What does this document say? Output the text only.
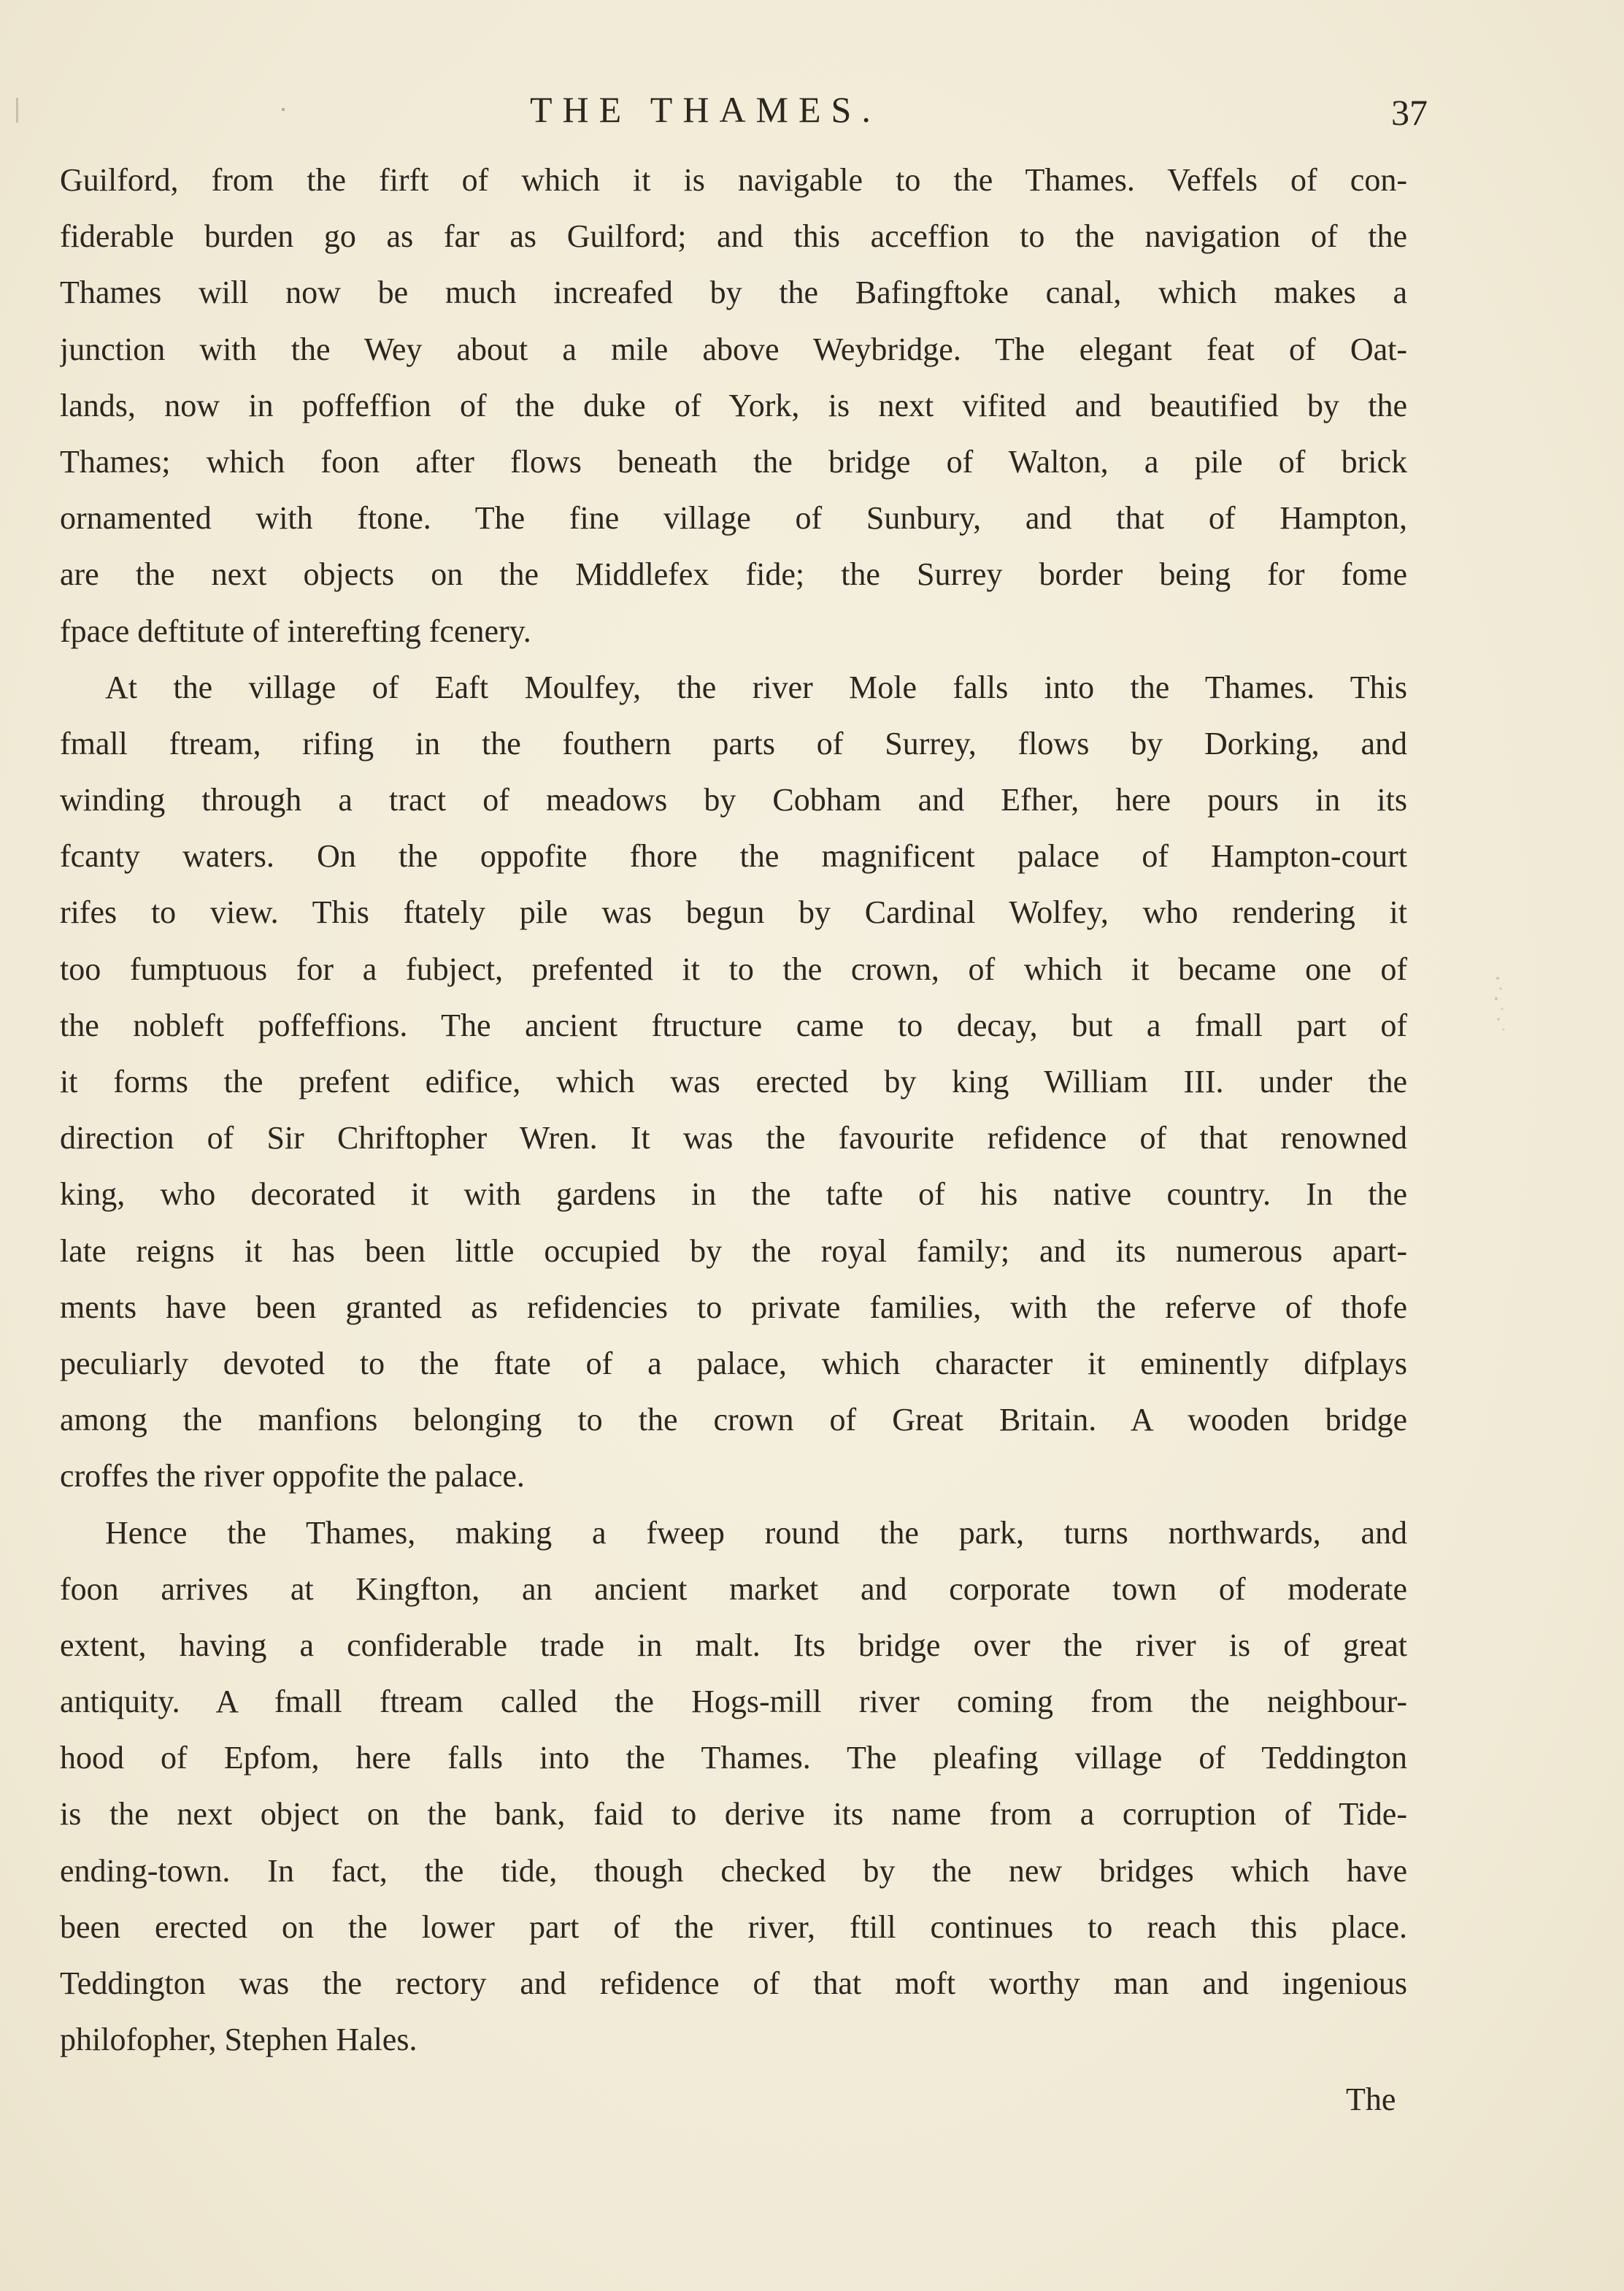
THE THAMES.	37
Guilford, from the firft of which it is navigable to the Thames. Veffels of con-
fiderable burden go as far as Guilford; and this acceffion to the navigation of the
Thames will now be much increafed by the Bafingftoke canal, which makes a
junction with the Wey about a mile above Weybridge. The elegant feat of Oat-
lands, now in poffeffion of the duke of York, is next vifited and beautified by the
Thames; which foon after flows beneath the bridge of Walton, a pile of brick
ornamented with ftone. The fine village of Sunbury, and that of Hampton,
are the next objects on the Middlefex fide; the Surrey border being for fome
fpace deftitute of interefting fcenery.
At the village of Eaft Moulfey, the river Mole falls into the Thames. This
fmall ftream, rifing in the fouthern parts of Surrey, flows by Dorking, and
winding through a tract of meadows by Cobham and Efher, here pours in its
fcanty waters. On the oppofite fhore the magnificent palace of Hampton-court
rifes to view. This ftately pile was begun by Cardinal Wolfey, who rendering it
too fumptuous for a fubject, prefented it to the crown, of which it became one of
the nobleft poffeffions. The ancient ftructure came to decay, but a fmall part of
it forms the prefent edifice, which was erected by king William III. under the
direction of Sir Chriftopher Wren. It was the favourite refidence of that renowned
king, who decorated it with gardens in the tafte of his native country. In the
late reigns it has been little occupied by the royal family; and its numerous apart-
ments have been granted as refidencies to private families, with the referve of thofe
peculiarly devoted to the ftate of a palace, which character it eminently difplays
among the manfions belonging to the crown of Great Britain. A wooden bridge
croffes the river oppofite the palace.
Hence the Thames, making a fweep round the park, turns northwards, and
foon arrives at Kingfton, an ancient market and corporate town of moderate
extent, having a confiderable trade in malt. Its bridge over the river is of great
antiquity. A fmall ftream called the Hogs-mill river coming from the neighbour-
hood of Epfom, here falls into the Thames. The pleafing village of Teddington
is the next object on the bank, faid to derive its name from a corruption of Tide-
ending-town. In fact, the tide, though checked by the new bridges which have
been erected on the lower part of the river, ftill continues to reach this place.
Teddington was the rectory and refidence of that moft worthy man and ingenious
philofopher, Stephen Hales.
The
